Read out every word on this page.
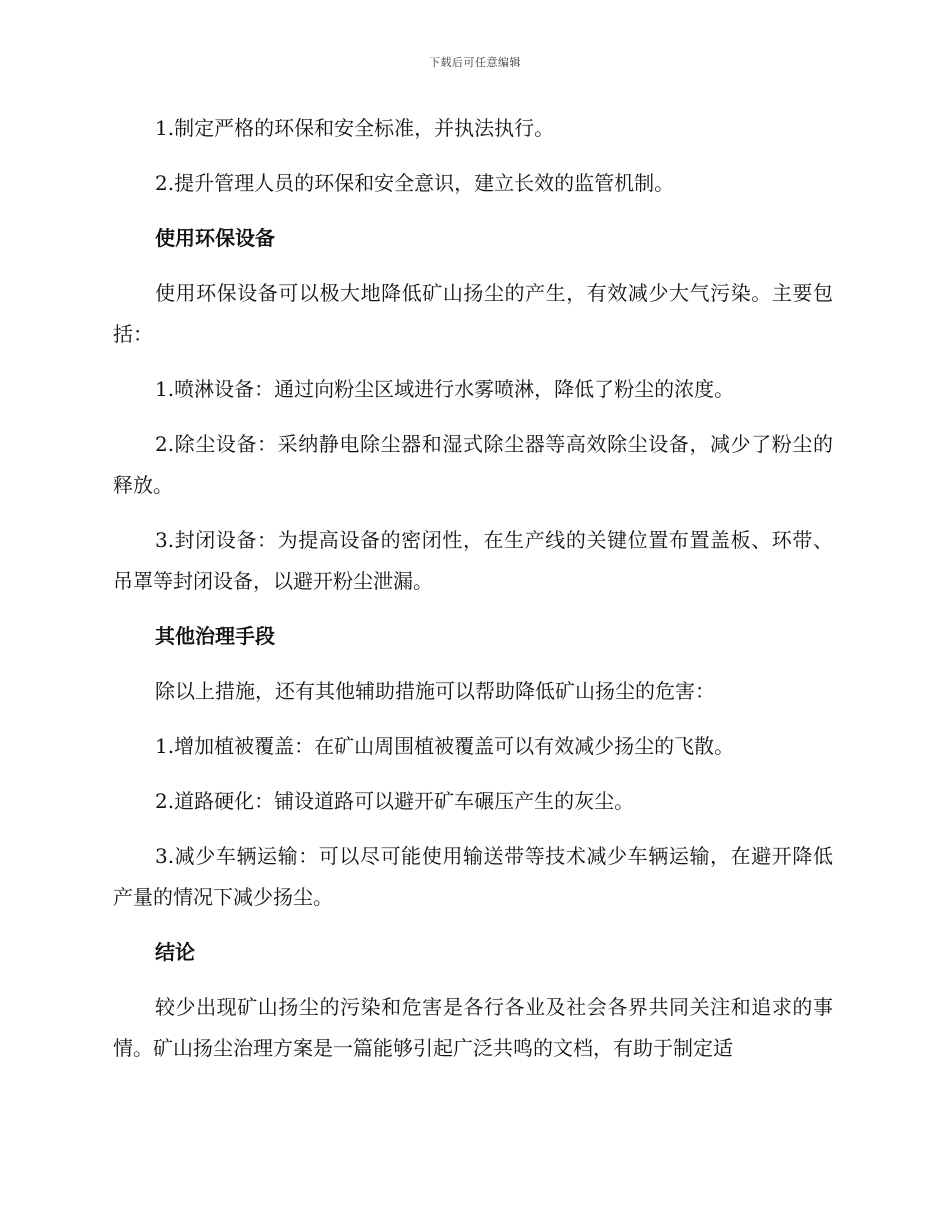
下载后可任意编辑

1.制定严格的环保和安全标准，并执法执行。

2.提升管理人员的环保和安全意识，建立长效的监管机制。

使用环保设备

使用环保设备可以极大地降低矿山扬尘的产生，有效减少大气污染。主要包括：

1.喷淋设备：通过向粉尘区域进行水雾喷淋，降低了粉尘的浓度。

2.除尘设备：采纳静电除尘器和湿式除尘器等高效除尘设备，减少了粉尘的释放。

3.封闭设备：为提高设备的密闭性，在生产线的关键位置布置盖板、环带、吊罩等封闭设备，以避开粉尘泄漏。

其他治理手段

除以上措施，还有其他辅助措施可以帮助降低矿山扬尘的危害：

1.增加植被覆盖：在矿山周围植被覆盖可以有效减少扬尘的飞散。

2.道路硬化：铺设道路可以避开矿车碾压产生的灰尘。

3.减少车辆运输：可以尽可能使用输送带等技术减少车辆运输，在避开降低产量的情况下减少扬尘。

结论

较少出现矿山扬尘的污染和危害是各行各业及社会各界共同关注和追求的事情。矿山扬尘治理方案是一篇能够引起广泛共鸣的文档，有助于制定适
